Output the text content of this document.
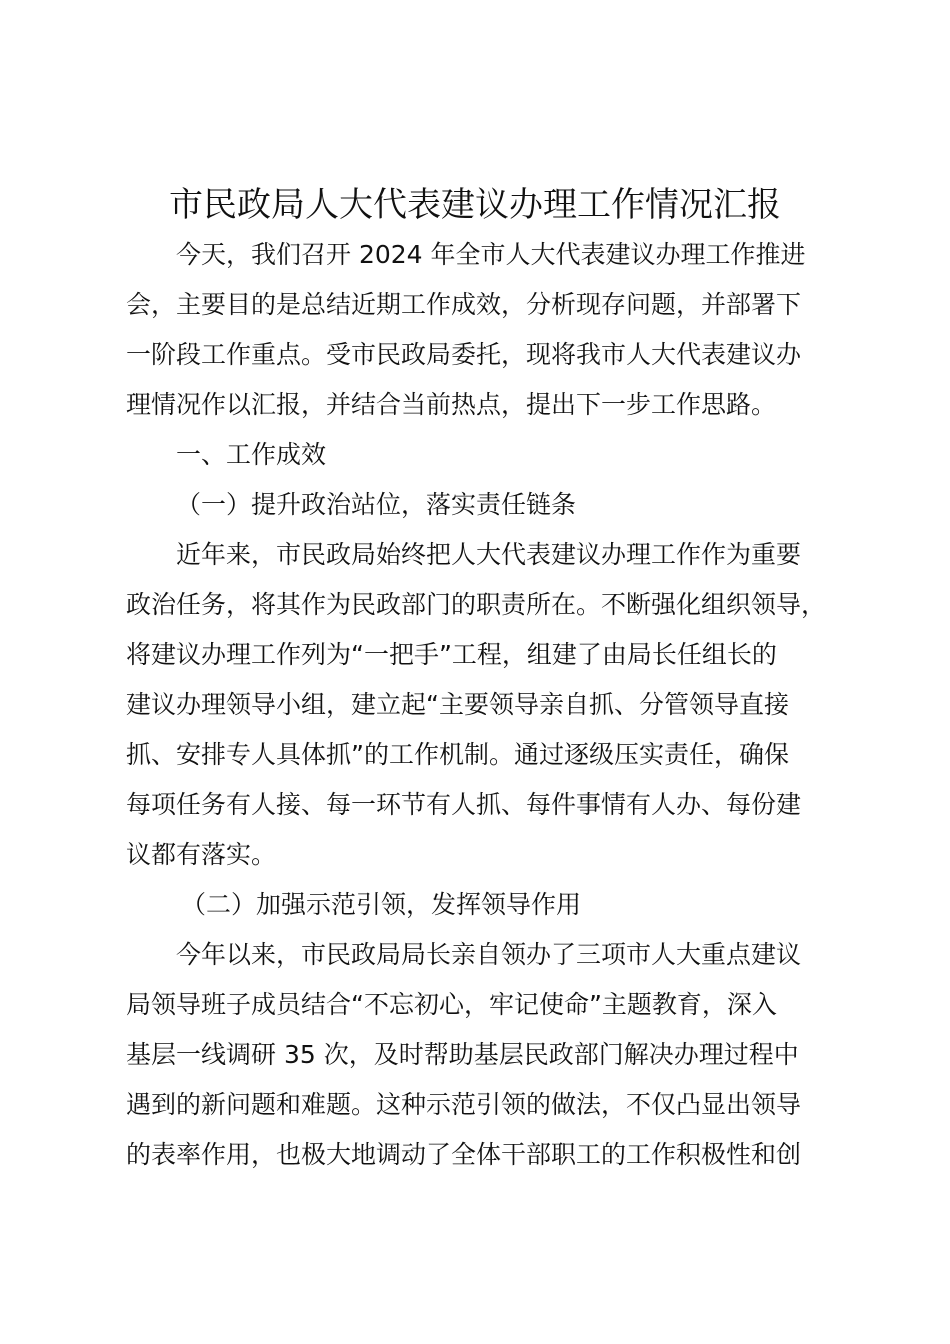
市民政局人大代表建议办理工作情况汇报
今天，我们召开 2024 年全市人大代表建议办理工作推进
会，主要目的是总结近期工作成效，分析现存问题，并部署下
一阶段工作重点。受市民政局委托，现将我市人大代表建议办
理情况作以汇报，并结合当前热点，提出下一步工作思路。
一、工作成效
（一）提升政治站位，落实责任链条
近年来，市民政局始终把人大代表建议办理工作作为重要
政治任务，将其作为民政部门的职责所在。不断强化组织领导，
将建议办理工作列为“一把手”工程，组建了由局长任组长的
建议办理领导小组，建立起“主要领导亲自抓、分管领导直接
抓、安排专人具体抓”的工作机制。通过逐级压实责任，确保
每项任务有人接、每一环节有人抓、每件事情有人办、每份建
议都有落实。
（二）加强示范引领，发挥领导作用
今年以来，市民政局局长亲自领办了三项市人大重点建议
局领导班子成员结合“不忘初心，牢记使命”主题教育，深入
基层一线调研 35 次，及时帮助基层民政部门解决办理过程中
遇到的新问题和难题。这种示范引领的做法，不仅凸显出领导
的表率作用，也极大地调动了全体干部职工的工作积极性和创
